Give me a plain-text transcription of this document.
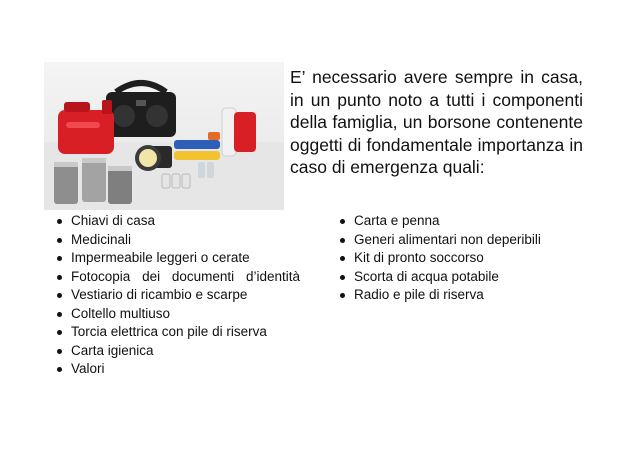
E’ necessario avere sempre in casa, in un punto noto a tutti i componenti della famiglia, un borsone contenente oggetti di fondamentale importanza in caso di emergenza quali:

Chiavi di casa
Medicinali
Impermeabile leggeri o cerate
Fotocopia dei documenti d’identità
Vestiario di ricambio e scarpe
Coltello multiuso
Torcia elettrica con pile di riserva
Carta igienica
Valori
Carta e penna
Generi alimentari non deperibili
Kit di pronto soccorso
Scorta di acqua potabile
Radio e pile di riserva
